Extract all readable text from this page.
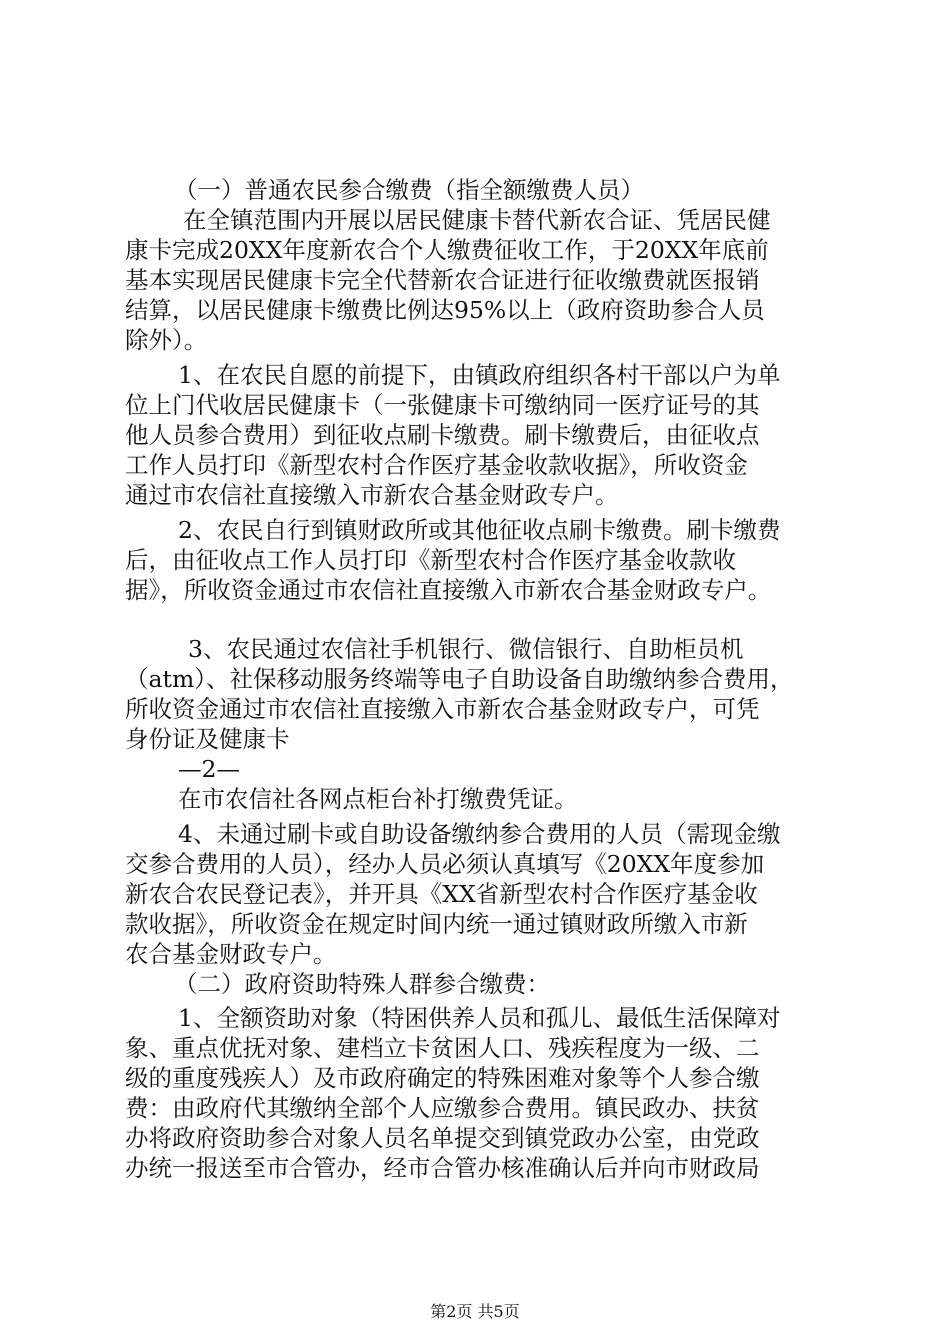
（一）普通农民参合缴费（指全额缴费人员）

在全镇范围内开展以居民健康卡替代新农合证、凭居民健

康卡完成20XX年度新农合个人缴费征收工作，于20XX年底前

基本实现居民健康卡完全代替新农合证进行征收缴费就医报销

结算，以居民健康卡缴费比例达95%以上（政府资助参合人员

除外）。

1、在农民自愿的前提下，由镇政府组织各村干部以户为单

位上门代收居民健康卡（一张健康卡可缴纳同一医疗证号的其

他人员参合费用）到征收点刷卡缴费。刷卡缴费后，由征收点

工作人员打印《新型农村合作医疗基金收款收据》，所收资金

通过市农信社直接缴入市新农合基金财政专户。

2、农民自行到镇财政所或其他征收点刷卡缴费。刷卡缴费

后，由征收点工作人员打印《新型农村合作医疗基金收款收

据》，所收资金通过市农信社直接缴入市新农合基金财政专户。

3、农民通过农信社手机银行、微信银行、自助柜员机

（atm）、社保移动服务终端等电子自助设备自助缴纳参合费用，

所收资金通过市农信社直接缴入市新农合基金财政专户，可凭

身份证及健康卡

—2—

在市农信社各网点柜台补打缴费凭证。

4、未通过刷卡或自助设备缴纳参合费用的人员（需现金缴

交参合费用的人员），经办人员必须认真填写《20XX年度参加

新农合农民登记表》，并开具《XX省新型农村合作医疗基金收

款收据》，所收资金在规定时间内统一通过镇财政所缴入市新

农合基金财政专户。

（二）政府资助特殊人群参合缴费：

1、全额资助对象（特困供养人员和孤儿、最低生活保障对

象、重点优抚对象、建档立卡贫困人口、残疾程度为一级、二

级的重度残疾人）及市政府确定的特殊困难对象等个人参合缴

费：由政府代其缴纳全部个人应缴参合费用。镇民政办、扶贫

办将政府资助参合对象人员名单提交到镇党政办公室，由党政

办统一报送至市合管办，经市合管办核准确认后并向市财政局

第2页 共5页
